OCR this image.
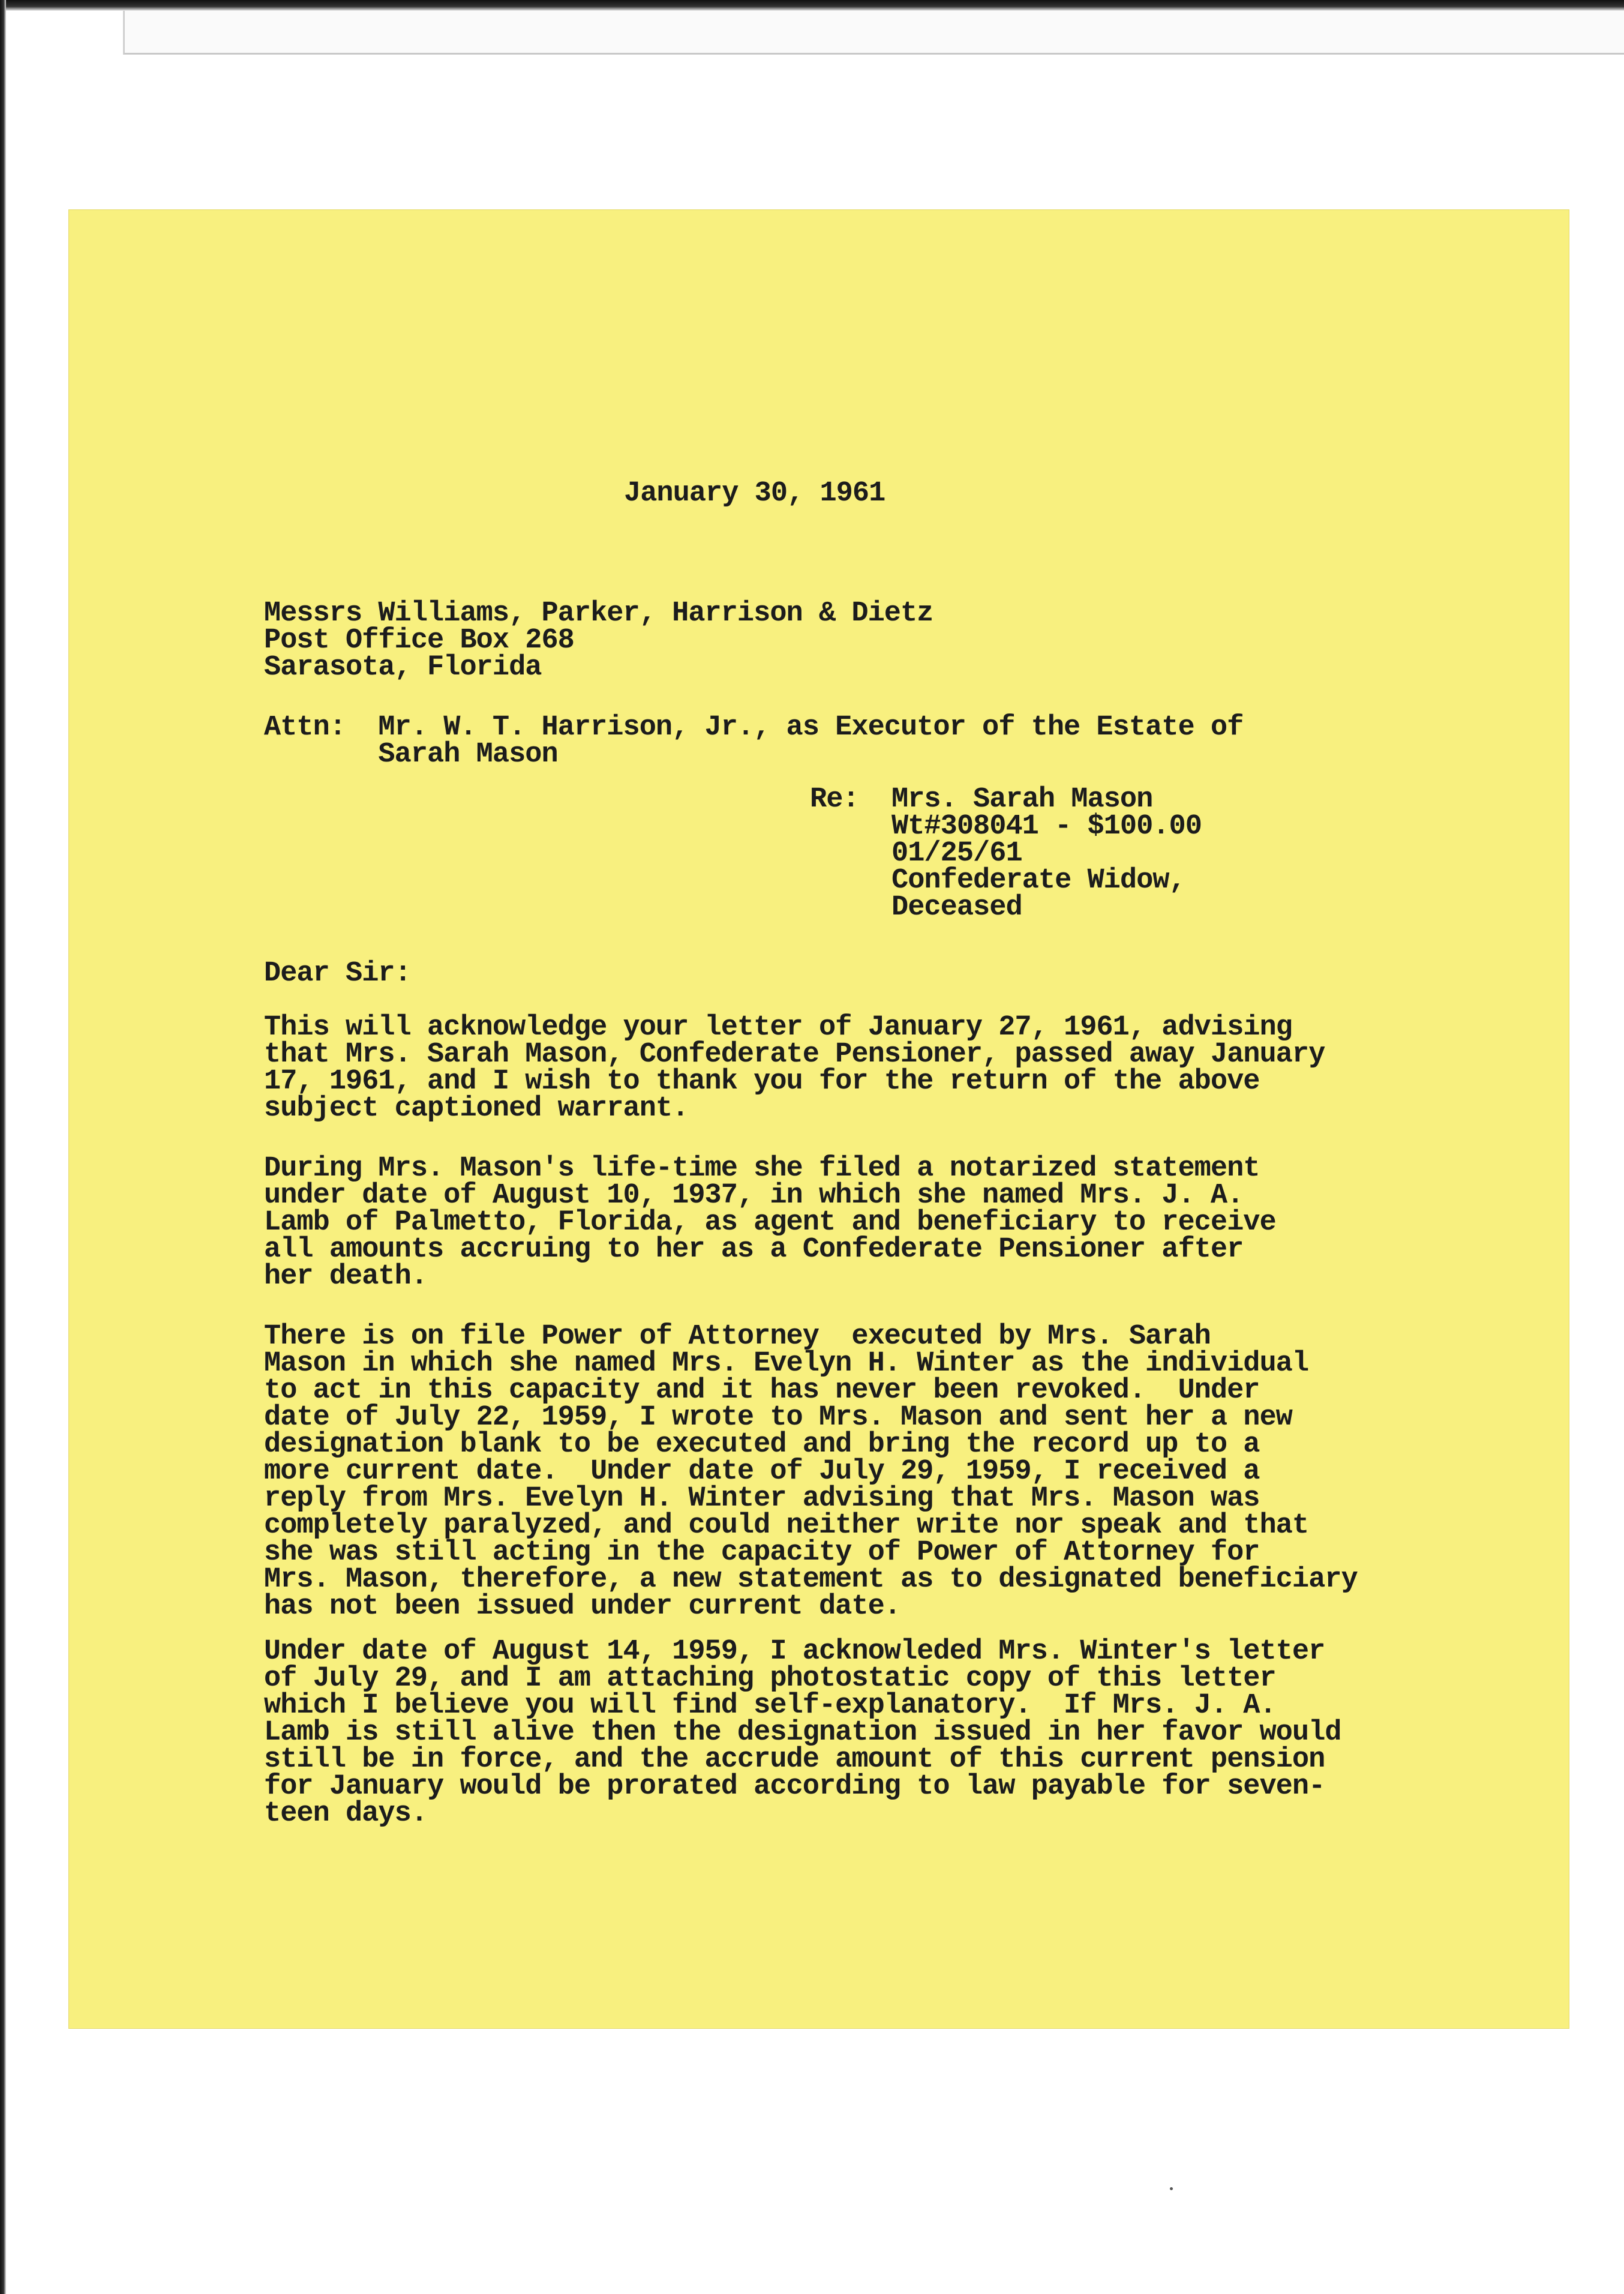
January 30, 1961
Messrs Williams, Parker, Harrison & Dietz
Post Office Box 268
Sarasota, Florida
Attn:  Mr. W. T. Harrison, Jr., as Executor of the Estate of
Sarah Mason
Re:  Mrs. Sarah Mason
Wt#308041 - $100.00
01/25/61
Confederate Widow,
Deceased
Dear Sir:
This will acknowledge your letter of January 27, 1961, advising
that Mrs. Sarah Mason, Confederate Pensioner, passed away January
17, 1961, and I wish to thank you for the return of the above
subject captioned warrant.
During Mrs. Mason's life-time she filed a notarized statement
under date of August 10, 1937, in which she named Mrs. J. A.
Lamb of Palmetto, Florida, as agent and beneficiary to receive
all amounts accruing to her as a Confederate Pensioner after
her death.
There is on file Power of Attorney  executed by Mrs. Sarah
Mason in which she named Mrs. Evelyn H. Winter as the individual
to act in this capacity and it has never been revoked.  Under
date of July 22, 1959, I wrote to Mrs. Mason and sent her a new
designation blank to be executed and bring the record up to a
more current date.  Under date of July 29, 1959, I received a
reply from Mrs. Evelyn H. Winter advising that Mrs. Mason was
completely paralyzed, and could neither write nor speak and that
she was still acting in the capacity of Power of Attorney for
Mrs. Mason, therefore, a new statement as to designated beneficiary
has not been issued under current date.
Under date of August 14, 1959, I acknowleded Mrs. Winter's letter
of July 29, and I am attaching photostatic copy of this letter
which I believe you will find self-explanatory.  If Mrs. J. A.
Lamb is still alive then the designation issued in her favor would
still be in force, and the accrude amount of this current pension
for January would be prorated according to law payable for seven-
teen days.
